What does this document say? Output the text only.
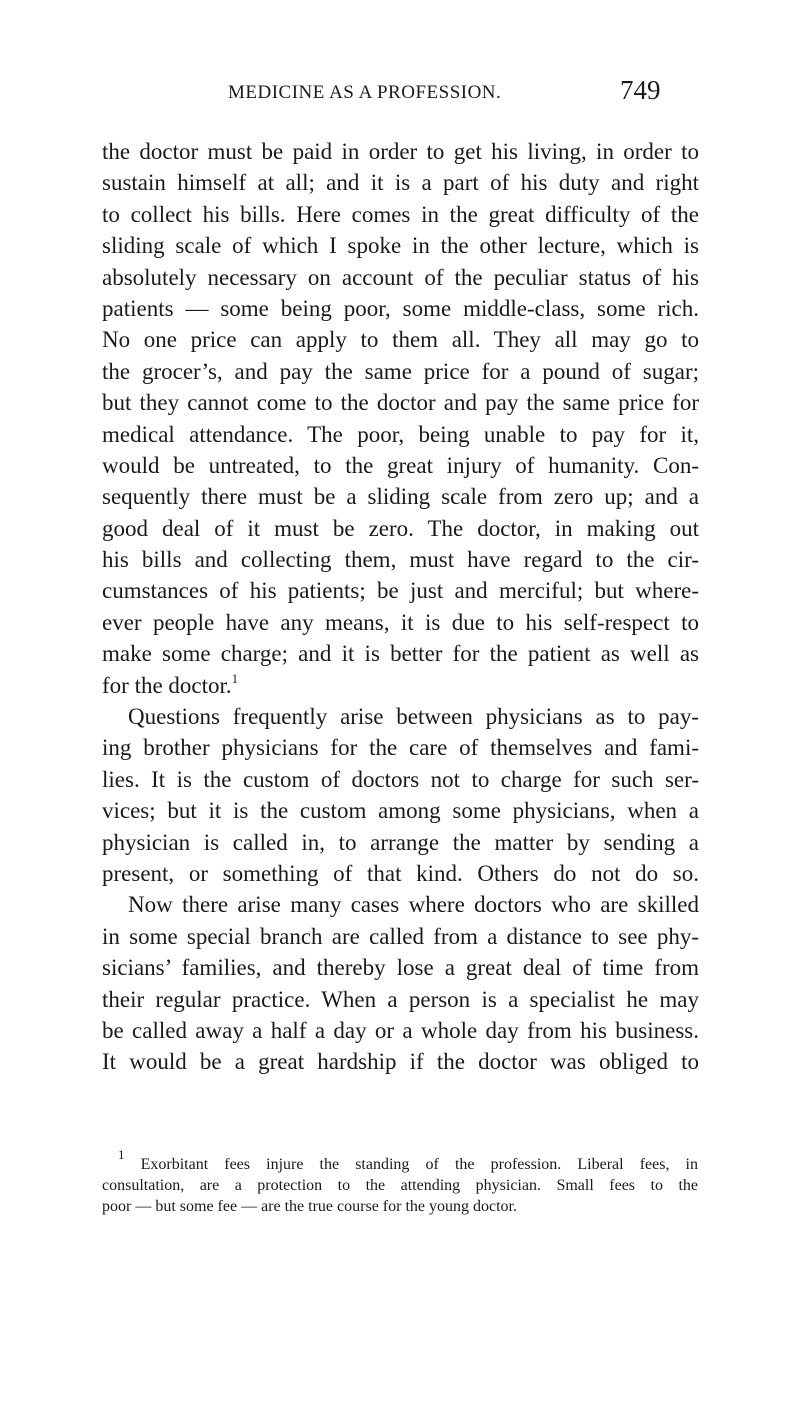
MEDICINE AS A PROFESSION.	749
the doctor must be paid in order to get his living, in order to
sustain himself at all; and it is a part of his duty and right
to collect his bills. Here comes in the great difficulty of the
sliding scale of which I spoke in the other lecture, which is
absolutely necessary on account of the peculiar status of his
patients — some being poor, some middle-class, some rich.
No one price can apply to them all. They all may go to
the grocer’s, and pay the same price for a pound of sugar;
but they cannot come to the doctor and pay the same price for
medical attendance. The poor, being unable to pay for it,
would be untreated, to the great injury of humanity. Con-
sequently there must be a sliding scale from zero up; and a
good deal of it must be zero. The doctor, in making out
his bills and collecting them, must have regard to the cir-
cumstances of his patients; be just and merciful; but where-
ever people have any means, it is due to his self-respect to
make some charge; and it is better for the patient as well as
for the doctor.$^1$
Questions frequently arise between physicians as to pay-
ing brother physicians for the care of themselves and fami-
lies. It is the custom of doctors not to charge for such ser-
vices; but it is the custom among some physicians, when a
physician is called in, to arrange the matter by sending a
present, or something of that kind. Others do not do so.
Now there arise many cases where doctors who are skilled
in some special branch are called from a distance to see phy-
sicians’ families, and thereby lose a great deal of time from
their regular practice. When a person is a specialist he may
be called away a half a day or a whole day from his business.
It would be a great hardship if the doctor was obliged to
$^1$ Exorbitant fees injure the standing of the profession. Liberal fees, in
consultation, are a protection to the attending physician. Small fees to the
poor — but some fee — are the true course for the young doctor.
